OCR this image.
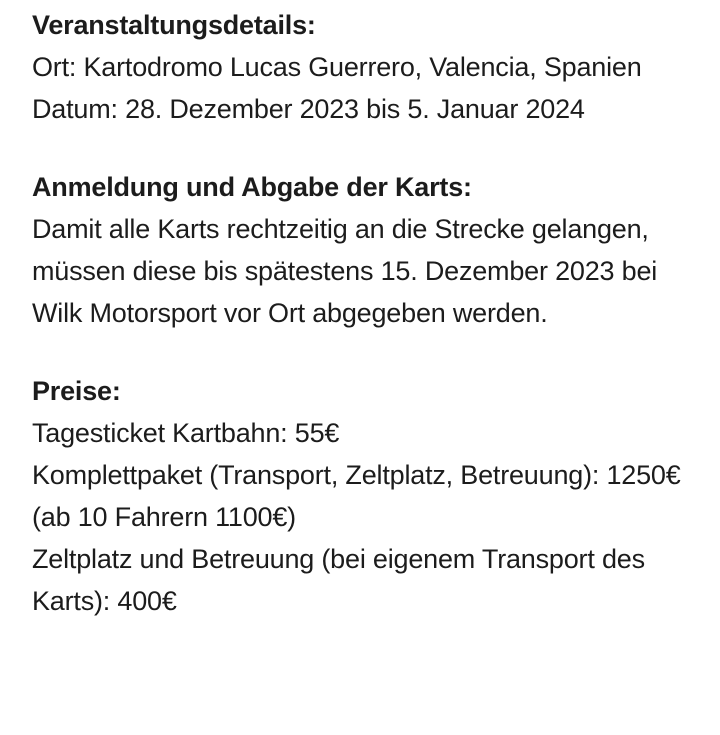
Veranstaltungsdetails:
Ort: Kartodromo Lucas Guerrero, Valencia, Spanien
Datum: 28. Dezember 2023 bis 5. Januar 2024
Anmeldung und Abgabe der Karts:
Damit alle Karts rechtzeitig an die Strecke gelangen, müssen diese bis spätestens 15. Dezember 2023 bei Wilk Motorsport vor Ort abgegeben werden.
Preise:
Tagesticket Kartbahn: 55€
Komplettpaket (Transport, Zeltplatz, Betreuung): 1250€ (ab 10 Fahrern 1100€)
Zeltplatz und Betreuung (bei eigenem Transport des Karts): 400€
